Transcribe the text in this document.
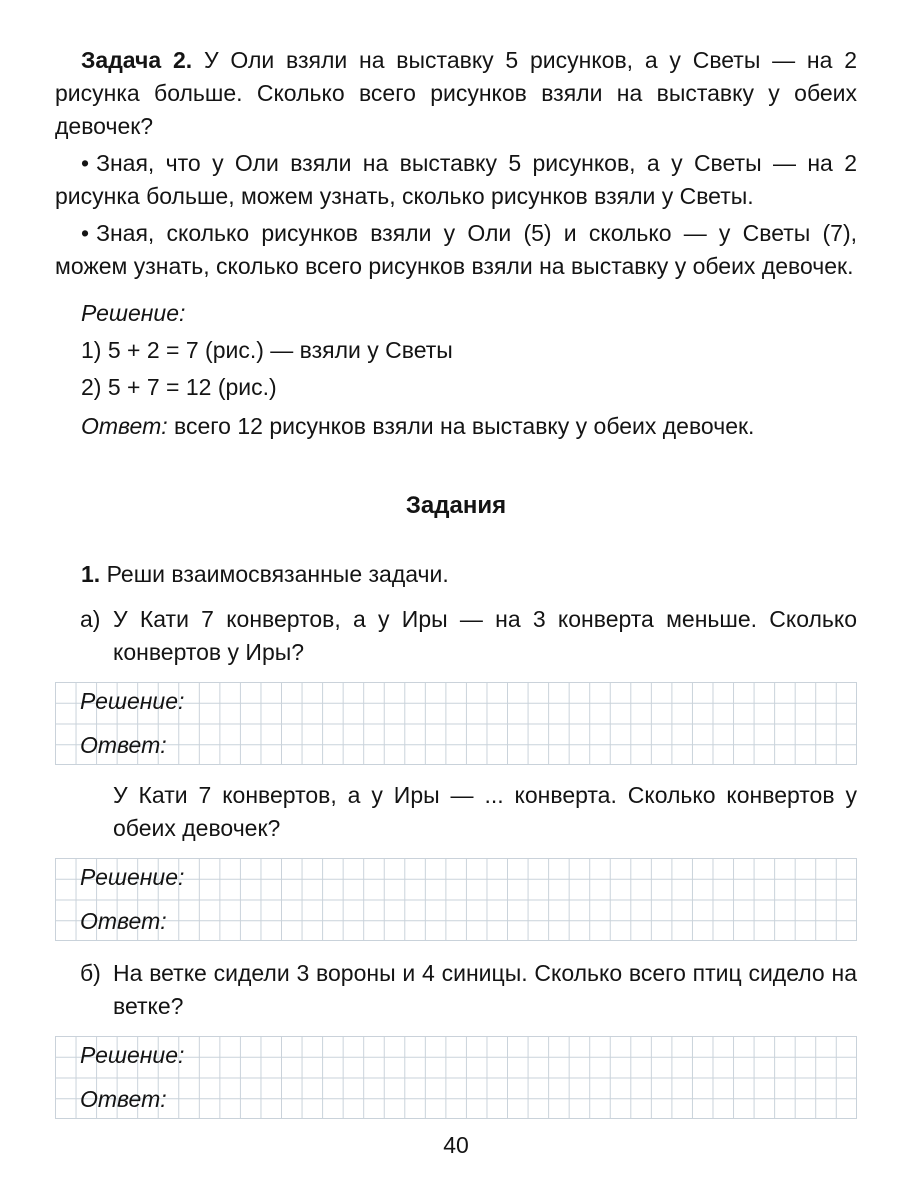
Задача 2. У Оли взяли на выставку 5 рисунков, а у Светы — на 2 рисунка больше. Сколько всего рисунков взяли на выставку у обеих девочек?

• Зная, что у Оли взяли на выставку 5 рисунков, а у Светы — на 2 рисунка больше, можем узнать, сколько рисунков взяли у Светы.

• Зная, сколько рисунков взяли у Оли (5) и сколько — у Светы (7), можем узнать, сколько всего рисунков взяли на выставку у обеих девочек.

Решение:

1) 5 + 2 = 7 (рис.) — взяли у Светы

2) 5 + 7 = 12 (рис.)

Ответ: всего 12 рисунков взяли на выставку у обеих девочек.

Задания

1. Реши взаимосвязанные задачи.

а) У Кати 7 конвертов, а у Иры — на 3 конверта меньше. Сколько конвертов у Иры?

Решение:
Ответ:

У Кати 7 конвертов, а у Иры — ... конверта. Сколько конвертов у обеих девочек?

Решение:
Ответ:

б) На ветке сидели 3 вороны и 4 синицы. Сколько всего птиц сидело на ветке?

Решение:
Ответ:

40
